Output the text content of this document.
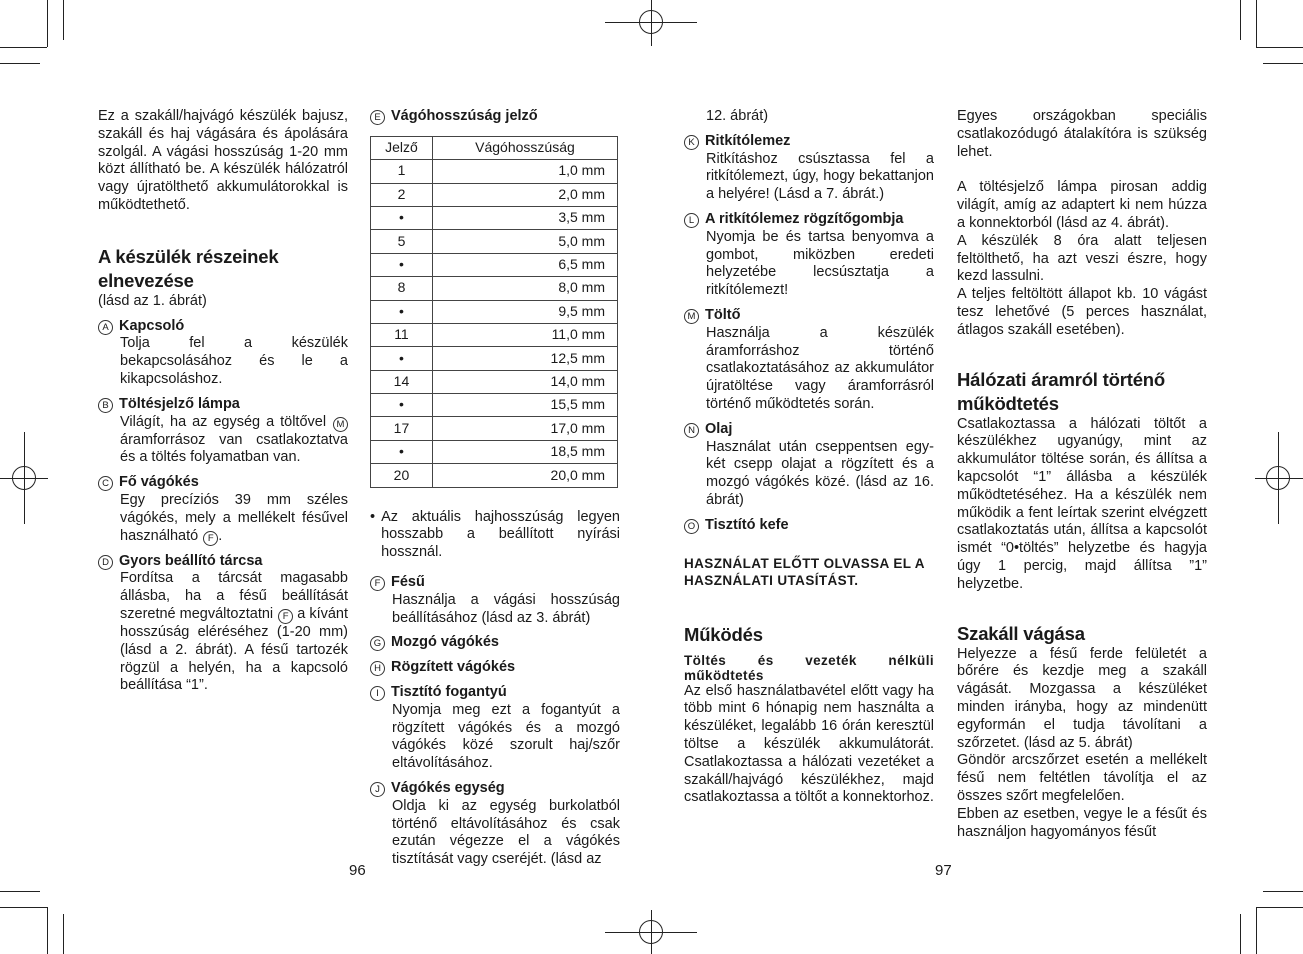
Ez a szakáll/hajvágó készülék bajusz, szakáll és haj vágására és ápolására szolgál. A vágási hosszúság 1-20 mm közt állítható be. A készülék hálózatról vagy újratölthető akkumulátorokkal is működtethető.

A készülék részeinek elnevezése

(lásd az 1. ábrát)

A Kapcsoló
Tolja fel a készülék bekapcsolásához és le a kikapcsoláshoz.
B Töltésjelző lámpa
Világít, ha az egység a töltővel M áramforrásoz van csatlakoztatva és a töltés folyamatban van.
C Fő vágókés
Egy precíziós 39 mm széles vágókés, mely a mellékelt fésűvel használható F .
D Gyors beállító tárcsa
Fordítsa a tárcsát magasabb állásba, ha a fésű beállítását szeretné megváltoztatni F a kívánt hosszúság eléréséhez (1-20 mm) (lásd a 2. ábrát). A fésű tartozék rögzül a helyén, ha a kapcsoló beállítása “1”.
E Vágóhosszúság jelző
Jelző	Vágóhosszúság
1	1,0 mm
2	2,0 mm
•	3,5 mm
5	5,0 mm
•	6,5 mm
8	8,0 mm
•	9,5 mm
11	11,0 mm
•	12,5 mm
14	14,0 mm
•	15,5 mm
17	17,0 mm
•	18,5 mm
20	20,0 mm
• Az aktuális hajhosszúság legyen hosszabb a beállított nyírási hossznál.
F Fésű
Használja a vágási hosszúság beállításához (lásd az 3. ábrát)
G Mozgó vágókés
H Rögzített vágókés
I Tisztító fogantyú
Nyomja meg ezt a fogantyút a rögzített vágókés és a mozgó vágókés közé szorult haj/szőr eltávolításához.
J Vágókés egység
Oldja ki az egység burkolatból történő eltávolításához és csak ezután végezze el a vágókés tisztítását vagy cseréjét. (lásd az

12. ábrát)

K Ritkítólemez
Ritkításhoz csúsztassa fel a ritkítólemezt, úgy, hogy bekattanjon a helyére! (Lásd a 7. ábrát.)
L A ritkítólemez rögzítőgombja
Nyomja be és tartsa benyomva a gombot, miközben eredeti helyzetébe lecsúsztatja a ritkítólemezt!
M Töltő
Használja a készülék áramforráshoz történő csatlakoztatásához az akkumulátor újratöltése vagy áramforrásról történő működtetés során.
N Olaj
Használat után cseppentsen egy-két csepp olajat a rögzített és a mozgó vágókés közé. (lásd az 16. ábrát)
O Tisztító kefe

HASZNÁLAT ELŐTT OLVASSA EL A HASZNÁLATI UTASÍTÁST.

Működés

Töltés és vezeték nélküli működtetés

Az első használatbavétel előtt vagy ha több mint 6 hónapig nem használta a készüléket, legalább 16 órán keresztül töltse a készülék akkumulátorát. Csatlakoztassa a hálózati vezetéket a szakáll/hajvágó készülékhez, majd csatlakoztassa a töltőt a konnektorhoz.

Egyes országokban speciális csatlakozódugó átalakítóra is szükség lehet.

A töltésjelző lámpa pirosan addig világít, amíg az adaptert ki nem húzza a konnektorból (lásd az 4. ábrát).

A készülék 8 óra alatt teljesen feltölthető, ha azt veszi észre, hogy kezd lassulni.

A teljes feltöltött állapot kb. 10 vágást tesz lehetővé (5 perces használat, átlagos szakáll esetében).

Hálózati áramról történő működtetés

Csatlakoztassa a hálózati töltőt a készülékhez ugyanúgy, mint az akkumulátor töltése során, és állítsa a kapcsolót “1” állásba a készülék működtetéséhez. Ha a készülék nem működik a fent leírtak szerint elvégzett csatlakoztatás után, állítsa a kapcsolót ismét “0•töltés” helyzetbe és hagyja úgy 1 percig, majd állítsa ”1” helyzetbe.

Szakáll vágása

Helyezze a fésű ferde felületét a bőrére és kezdje meg a szakáll vágását. Mozgassa a készüléket minden irányba, hogy az mindenütt egyformán el tudja távolítani a szőrzetet. (lásd az 5. ábrát)

Göndör arcszőrzet esetén a mellékelt fésű nem feltétlen távolítja el az összes szőrt megfelelően.

Ebben az esetben, vegye le a fésűt és használjon hagyományos fésűt

96	97
